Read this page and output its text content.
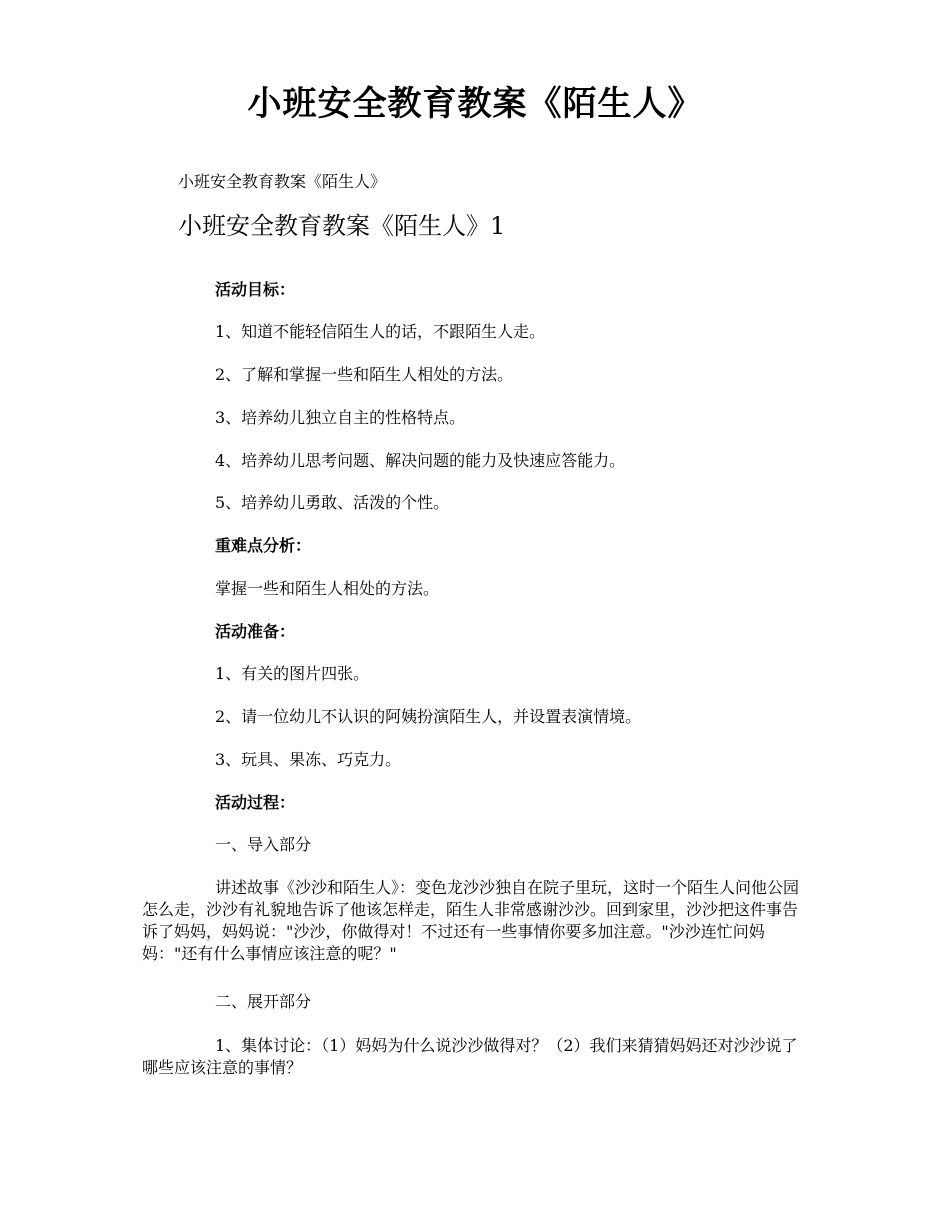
小班安全教育教案《陌生人》

小班安全教育教案《陌生人》

小班安全教育教案《陌生人》1

活动目标：

1、知道不能轻信陌生人的话，不跟陌生人走。

2、了解和掌握一些和陌生人相处的方法。

3、培养幼儿独立自主的性格特点。

4、培养幼儿思考问题、解决问题的能力及快速应答能力。

5、培养幼儿勇敢、活泼的个性。

重难点分析：

掌握一些和陌生人相处的方法。

活动准备：

1、有关的图片四张。

2、请一位幼儿不认识的阿姨扮演陌生人，并设置表演情境。

3、玩具、果冻、巧克力。

活动过程：

一、导入部分

讲述故事《沙沙和陌生人》：变色龙沙沙独自在院子里玩，这时一个陌生人问他公园怎么走，沙沙有礼貌地告诉了他该怎样走，陌生人非常感谢沙沙。回到家里，沙沙把这件事告诉了妈妈，妈妈说："沙沙，你做得对！不过还有一些事情你要多加注意。"沙沙连忙问妈妈："还有什么事情应该注意的呢？"

二、展开部分

1、集体讨论：（1）妈妈为什么说沙沙做得对？（2）我们来猜猜妈妈还对沙沙说了哪些应该注意的事情？
